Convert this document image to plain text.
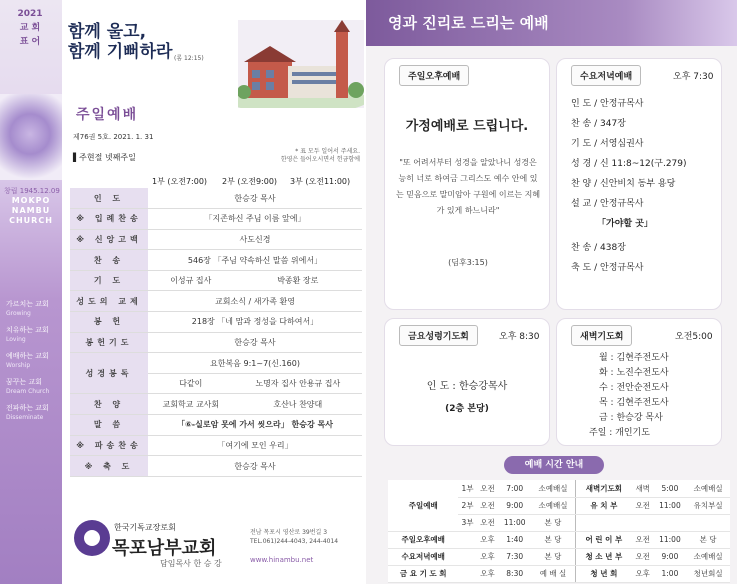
2021
교 회
표 어
창립 1945.12.09
MOKPO
NAMBU
CHURCH
가르치는 교회
Growing
치유하는 교회
Loving
예배하는 교회
Worship
꿈꾸는 교회
Dream Church
전파하는 교회
Disseminate
함께 울고,
함께 기뻐하라 (롬 12:15)
주일예배
제76권 5호. 2021. 1. 31
▌주현절 넷째주일
* 표 모두 일어서 주세요.
한영은 들어오시면서 헌금함에
1부 (오전7:00) 2부 (오전9:00) 3부 (오전11:00)
인 도	한승강 목사	
※ 입례찬송	「지존하신 주님 이름 앞에」	
※ 신앙고백	사도신경	
찬 송	546장 「주님 약속하신 말씀 위에서」	
기 도	이성규 집사	박종환 장로
성도의 교제	교회소식 / 새가족 환영	
봉 헌	218장 「네 맘과 정성을 다하여서」	
봉헌기도	한승강 목사	
성경봉독	요한복음 9:1~7(신.160)	
	다같이	노명자 집사 안용규 집사
찬 양	교회학교 교사회	호산나 찬양대
말 씀	「⑥-실로암 못에 가서 씻으라」 한승강 목사	
※ 파송찬송	「여기에 모인 우리」	
※ 축 도	한승강 목사	
한국기독교장로회
목포남부교회
담임목사 한 승 강
전남 목포시 영산로 39번길 3
TEL.061)244-4043, 244-4014
www.hinambu.net
영과 진리로 드리는 예배
주일오후예배
가정예배로 드립니다.
"또 어려서부터 성경을 알았나니 성경은 능히 너로 하여금 그리스도 예수 안에 있는 믿음으로 말미암아 구원에 이르는 지혜가 있게 하느니라"
(딤후3:15)
수요저녁예배	오후 7:30
인 도 / 안정규목사
찬 송 / 347장
기 도 / 서영심권사
성 경 / 신 11:8~12(구.279)
찬 양 / 신안비치 동부 용당
설 교 / 안정규목사
「가야할 곳」
찬 송 / 438장
축 도 / 안정규목사
금요성령기도회	오후 8:30
인 도 : 한승강목사
(2층 본당)
새벽기도회	오전5:00
월 : 김현주전도사
화 : 노진수전도사
수 : 전안순전도사
목 : 김현주전도사
금 : 한승강 목사
주일 : 개인기도
예배 시간 안내
주일예배	1부	오전	7:00	소예배실	새벽기도회	새벽	5:00	소예배실
	2부	오전	9:00	소예배실	유 치 부	오전	11:00	유치부실
	3부	오전	11:00	본 당				
주일오후예배		오후	1:40	본 당	어 린 이 부	오전	11:00	본 당
수요저녁예배		오후	7:30	본 당	청 소 년 부	오전	9:00	소예배실
금 요 기 도 회		오후	8:30	예 배 실	청 년 회	오후	1:00	청년회실
